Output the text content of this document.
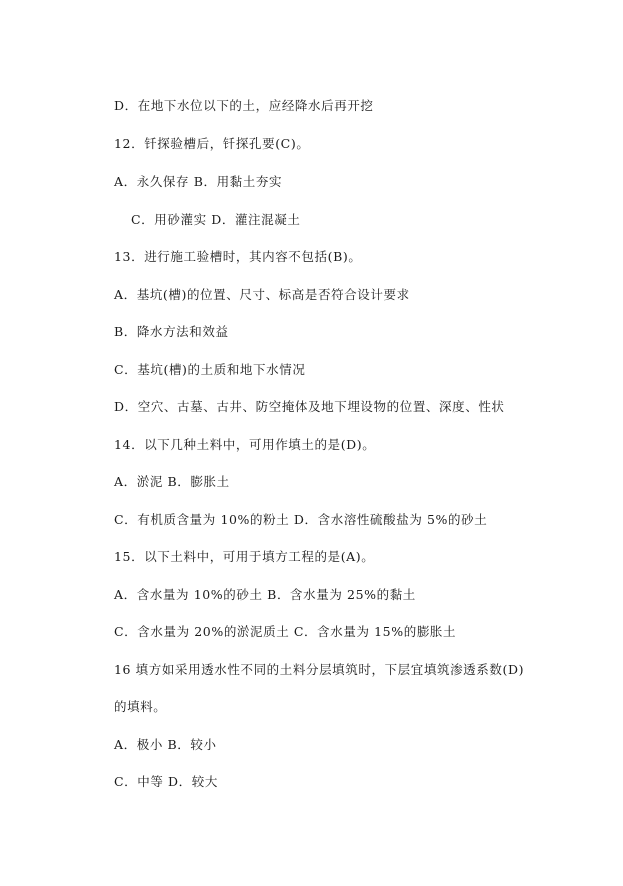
D．在地下水位以下的土，应经降水后再开挖
12．钎探验槽后，钎探孔要(C)。
A．永久保存 B．用黏土夯实
C．用砂灌实 D．灌注混凝土
13．进行施工验槽时，其内容不包括(B)。
A．基坑(槽)的位置、尺寸、标高是否符合设计要求
B．降水方法和效益
C．基坑(槽)的土质和地下水情况
D．空穴、古墓、古井、防空掩体及地下埋设物的位置、深度、性状
14．以下几种土料中，可用作填土的是(D)。
A．淤泥 B．膨胀土
C．有机质含量为 10%的粉土 D．含水溶性硫酸盐为 5%的砂土
15．以下土料中，可用于填方工程的是(A)。
A．含水量为 10%的砂土 B．含水量为 25%的黏土
C．含水量为 20%的淤泥质土 C．含水量为 15%的膨胀土
16 填方如采用透水性不同的土料分层填筑时，下层宜填筑渗透系数(D)
的填料。
A．极小 B．较小
C．中等 D．较大
